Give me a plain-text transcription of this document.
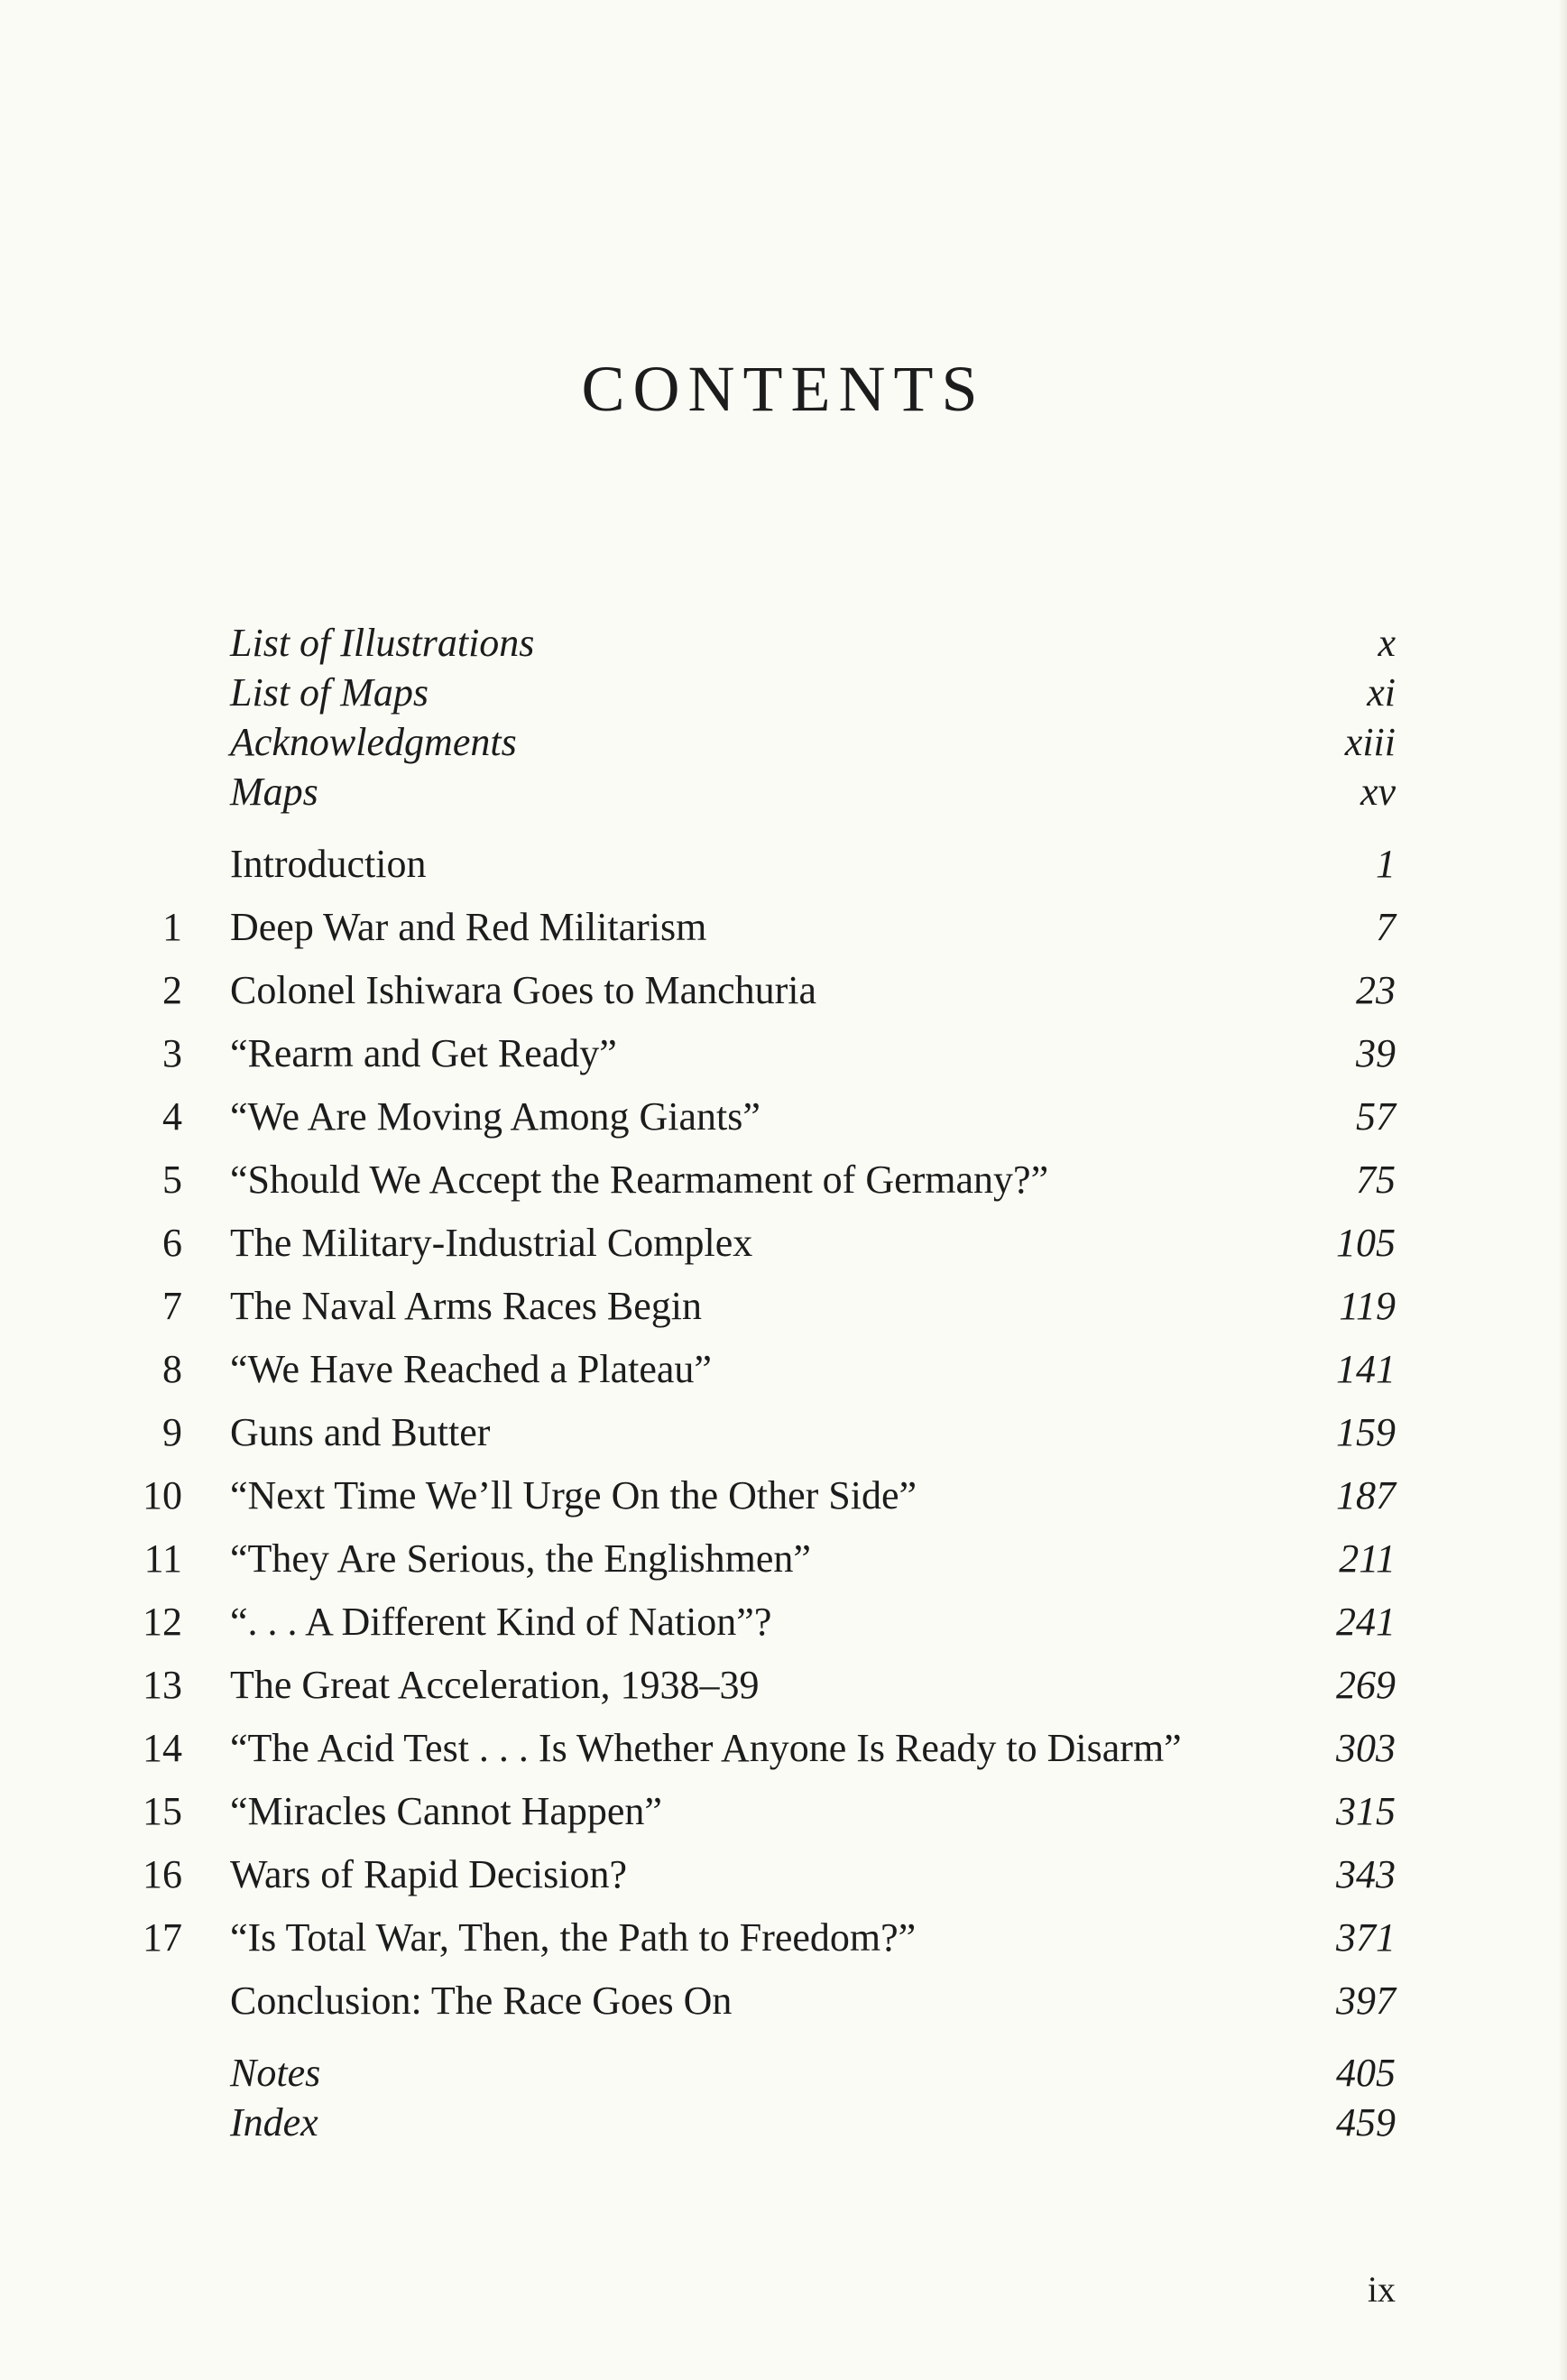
CONTENTS
List of Illustrations	x
List of Maps	xi
Acknowledgments	xiii
Maps	xv
Introduction	1
1 Deep War and Red Militarism	7
2 Colonel Ishiwara Goes to Manchuria	23
3 “Rearm and Get Ready”	39
4 “We Are Moving Among Giants”	57
5 “Should We Accept the Rearmament of Germany?”	75
6 The Military-Industrial Complex	105
7 The Naval Arms Races Begin	119
8 “We Have Reached a Plateau”	141
9 Guns and Butter	159
10 “Next Time We’ll Urge On the Other Side”	187
11 “They Are Serious, the Englishmen”	211
12 “. . . A Different Kind of Nation”?	241
13 The Great Acceleration, 1938–39	269
14 “The Acid Test . . . Is Whether Anyone Is Ready to Disarm”	303
15 “Miracles Cannot Happen”	315
16 Wars of Rapid Decision?	343
17 “Is Total War, Then, the Path to Freedom?”	371
Conclusion: The Race Goes On	397
Notes	405
Index	459
ix
